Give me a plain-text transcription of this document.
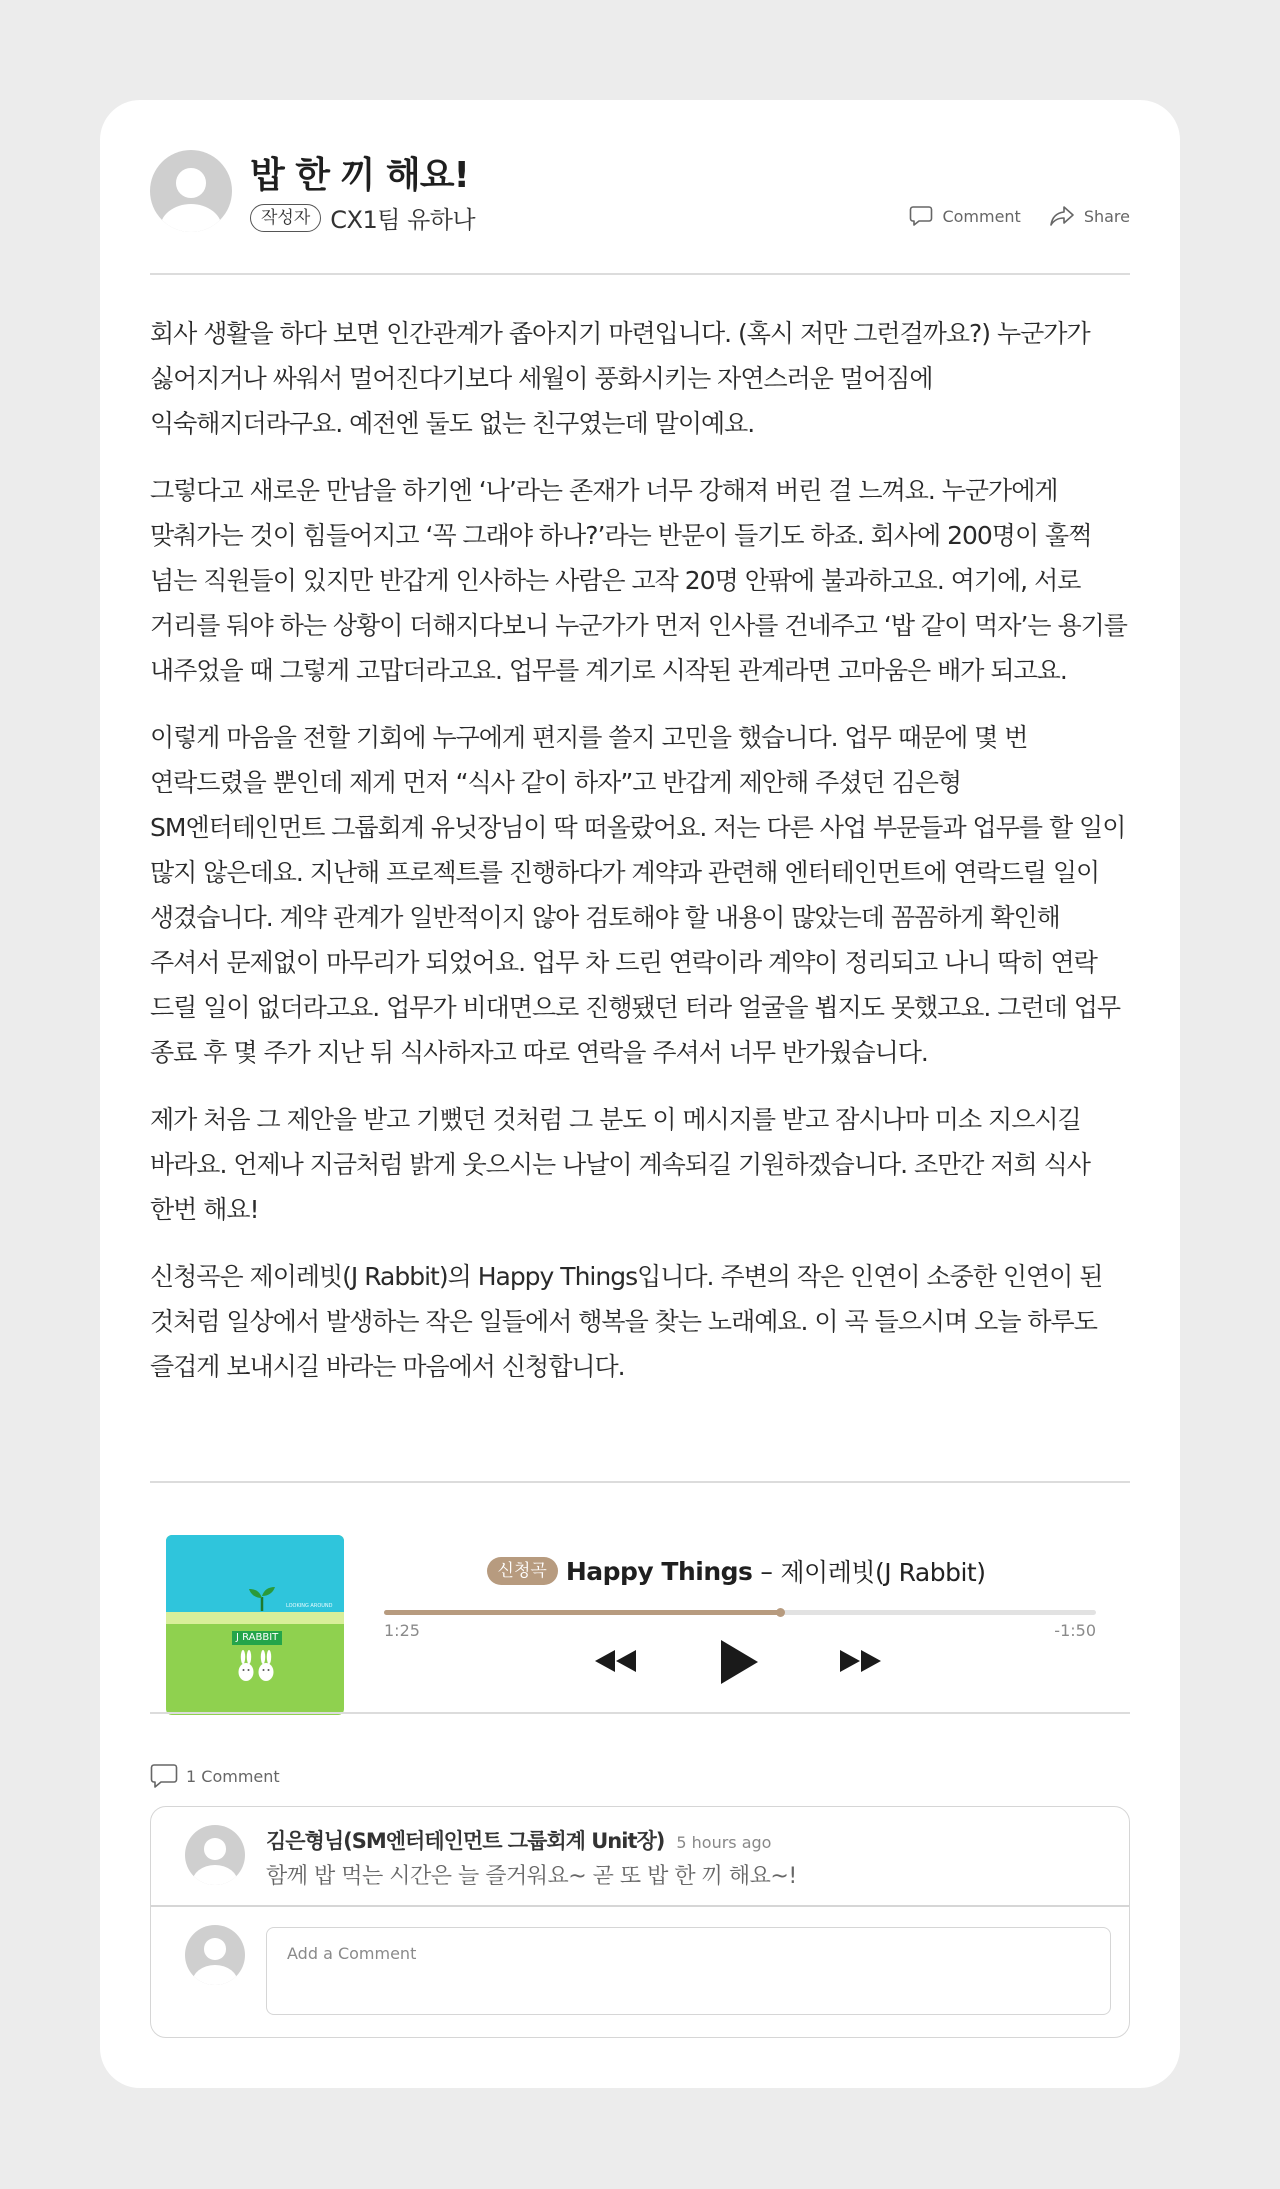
밥 한 끼 해요!
작성자 CX1팀 유하나	Comment	Share

회사 생활을 하다 보면 인간관계가 좁아지기 마련입니다. (혹시 저만 그런걸까요?) 누군가가 싫어지거나 싸워서 멀어진다기보다 세월이 풍화시키는 자연스러운 멀어짐에 익숙해지더라구요. 예전엔 둘도 없는 친구였는데 말이예요.

그렇다고 새로운 만남을 하기엔 ‘나’라는 존재가 너무 강해져 버린 걸 느껴요. 누군가에게 맞춰가는 것이 힘들어지고 ‘꼭 그래야 하나?’라는 반문이 들기도 하죠. 회사에 200명이 훌쩍 넘는 직원들이 있지만 반갑게 인사하는 사람은 고작 20명 안팎에 불과하고요. 여기에, 서로 거리를 둬야 하는 상황이 더해지다보니 누군가가 먼저 인사를 건네주고 ‘밥 같이 먹자’는 용기를 내주었을 때 그렇게 고맙더라고요. 업무를 계기로 시작된 관계라면 고마움은 배가 되고요.

이렇게 마음을 전할 기회에 누구에게 편지를 쓸지 고민을 했습니다. 업무 때문에 몇 번 연락드렸을 뿐인데 제게 먼저 “식사 같이 하자”고 반갑게 제안해 주셨던 김은형 SM엔터테인먼트 그룹회계 유닛장님이 딱 떠올랐어요. 저는 다른 사업 부문들과 업무를 할 일이 많지 않은데요. 지난해 프로젝트를 진행하다가 계약과 관련해 엔터테인먼트에 연락드릴 일이 생겼습니다. 계약 관계가 일반적이지 않아 검토해야 할 내용이 많았는데 꼼꼼하게 확인해 주셔서 문제없이 마무리가 되었어요. 업무 차 드린 연락이라 계약이 정리되고 나니 딱히 연락 드릴 일이 없더라고요. 업무가 비대면으로 진행됐던 터라 얼굴을 뵙지도 못했고요. 그런데 업무 종료 후 몇 주가 지난 뒤 식사하자고 따로 연락을 주셔서 너무 반가웠습니다.

제가 처음 그 제안을 받고 기뻤던 것처럼 그 분도 이 메시지를 받고 잠시나마 미소 지으시길 바라요. 언제나 지금처럼 밝게 웃으시는 나날이 계속되길 기원하겠습니다. 조만간 저희 식사 한번 해요!

신청곡은 제이레빗(J Rabbit)의 Happy Things입니다. 주변의 작은 인연이 소중한 인연이 된 것처럼 일상에서 발생하는 작은 일들에서 행복을 찾는 노래예요. 이 곡 들으시며 오늘 하루도 즐겁게 보내시길 바라는 마음에서 신청합니다.

LOOKING AROUND
J RABBIT
신청곡 Happy Things – 제이레빗(J Rabbit)
1:25	-1:50
1 Comment
김은형님(SM엔터테인먼트 그룹회계 Unit장) 5 hours ago
함께 밥 먹는 시간은 늘 즐거워요~ 곧 또 밥 한 끼 해요~!
Add a Comment
